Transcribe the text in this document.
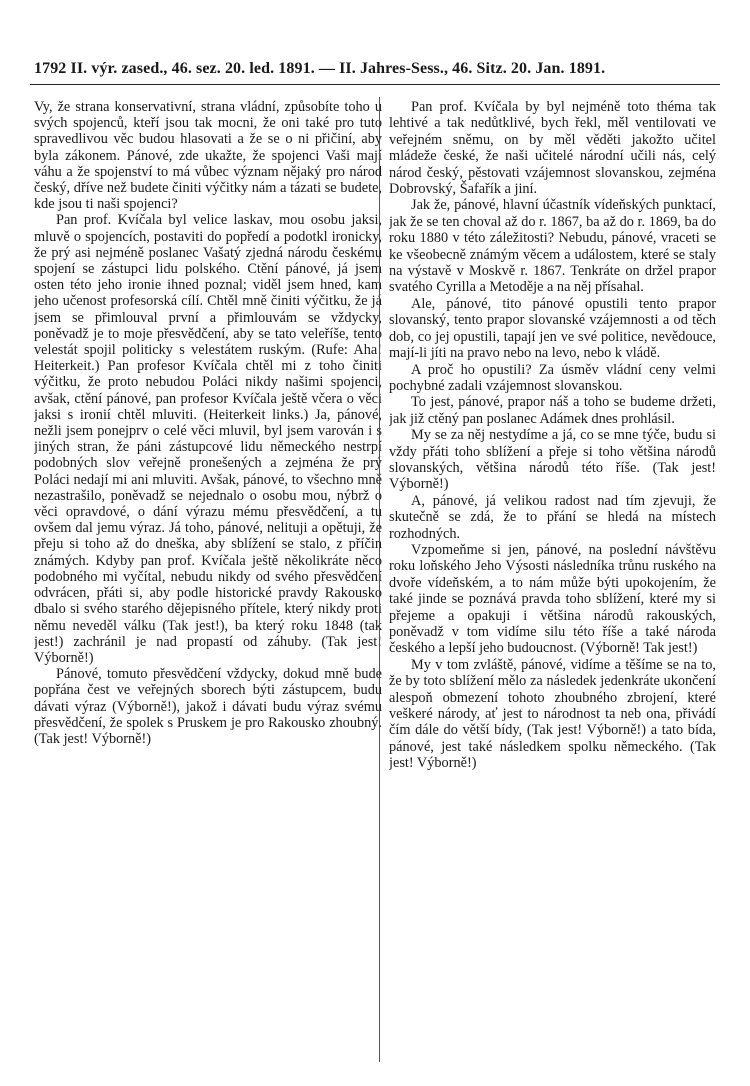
1792 II. výr. zased., 46. sez. 20. led. 1891. — II. Jahres-Sess., 46. Sitz. 20. Jan. 1891.

Vy, že strana konservativní, strana vládní, způsobíte toho u svých spojenců, kteří jsou tak mocni, že oni také pro tuto spravedlivou věc budou hlasovati a že se o ni přičiní, aby byla zákonem. Pánové, zde ukažte, že spojenci Vaši mají váhu a že spojenství to má vůbec význam nějaký pro národ český, dříve než budete činiti výčitky nám a tázati se budete, kde jsou ti naši spojenci?

Pan prof. Kvíčala byl velice laskav, mou osobu jaksi, mluvě o spojencích, postaviti do popředí a podotkl ironicky, že prý asi nejméně poslanec Vašatý zjedná národu českému spojení se zástupci lidu polského. Ctění pánové, já jsem osten této jeho ironie ihned poznal; viděl jsem hned, kam jeho učenost profesorská cílí. Chtěl mně činiti výčitku, že já jsem se přimlouval první a přimlouvám se vždycky, poněvadž je to moje přesvědčení, aby se tato veleříše, tento velestát spojil politicky s velestátem ruským. (Rufe: Aha! Heiterkeit.) Pan profesor Kvíčala chtěl mi z toho činiti výčitku, že proto nebudou Poláci nikdy našimi spojenci, avšak, ctění pánové, pan profesor Kvíčala ještě včera o věci jaksi s ironií chtěl mluviti. (Heiterkeit links.) Ja, pánové, nežli jsem ponejprv o celé věci mluvil, byl jsem varován i s jiných stran, že páni zástupcové lidu německého nestrpí podobných slov veřejně pronešených a zejména že prý Poláci nedají mi ani mluviti. Avšak, pánové, to všechno mně nezastrašilo, poněvadž se nejednalo o osobu mou, nýbrž o věci opravdové, o dání výrazu mému přesvědčení, a tu ovšem dal jemu výraz. Já toho, pánové, nelituji a opětuji, že přeju si toho až do dneška, aby sblížení se stalo, z příčin známých. Kdyby pan prof. Kvíčala ještě několikráte něco podobného mi vyčítal, nebudu nikdy od svého přesvědčení odvrácen, přáti si, aby podle historické pravdy Rakousko dbalo si svého starého dějepisného přítele, který nikdy proti němu neveděl válku (Tak jest!), ba který roku 1848 (tak jest!) zachránil je nad propastí od záhuby. (Tak jest! Výborně!)

Pánové, tomuto přesvědčení vždycky, dokud mně bude popřána čest ve veřejných sborech býti zástupcem, budu dávati výraz (Výborně!), jakož i dávati budu výraz svému přesvědčení, že spolek s Pruskem je pro Rakousko zhoubný. (Tak jest! Výborně!)

Pan prof. Kvíčala by byl nejméně toto théma tak lehtivé a tak nedůtklivé, bych řekl, měl ventilovati ve veřejném sněmu, on by měl věděti jakožto učitel mládeže české, že naši učitelé národní učili nás, celý národ český, pěstovati vzájemnost slovanskou, zejména Dobrovský, Šafařík a jiní.

Jak že, pánové, hlavní účastník vídeňských punktací, jak že se ten choval až do r. 1867, ba až do r. 1869, ba do roku 1880 v této záležitosti? Nebudu, pánové, vraceti se ke všeobecně známým věcem a událostem, které se staly na výstavě v Moskvě r. 1867. Tenkráte on držel prapor svatého Cyrilla a Metoděje a na něj přísahal.

Ale, pánové, tito pánové opustili tento prapor slovanský, tento prapor slovanské vzájemnosti a od těch dob, co jej opustili, tapají jen ve své politice, nevědouce, mají-li jíti na pravo nebo na levo, nebo k vládě.

A proč ho opustili? Za úsměv vládní ceny velmi pochybné zadali vzájemnost slovanskou.

To jest, pánové, prapor náš a toho se budeme držeti, jak již ctěný pan poslanec Adámek dnes prohlásil.

My se za něj nestydíme a já, co se mne týče, budu si vždy přáti toho sblížení a přeje si toho většina národů slovanských, většina národů této říše. (Tak jest! Výborně!)

A, pánové, já velikou radost nad tím zjevuji, že skutečně se zdá, že to přání se hledá na místech rozhodných.

Vzpomeňme si jen, pánové, na poslední návštěvu roku loňského Jeho Výsosti následníka trůnu ruského na dvoře vídeňském, a to nám může býti upokojením, že také jinde se poznává pravda toho sblížení, které my si přejeme a opakuji i většina národů rakouských, poněvadž v tom vidíme silu této říše a také národa českého a lepší jeho budoucnost. (Výborně! Tak jest!)

My v tom zvláště, pánové, vidíme a těšíme se na to, že by toto sblížení mělo za následek jedenkráte ukončení alespoň obmezení tohoto zhoubného zbrojení, které veškeré národy, ať jest to národnost ta neb ona, přivádí čím dále do větší bídy, (Tak jest! Výborně!) a tato bída, pánové, jest také následkem spolku německého. (Tak jest! Výborně!)
